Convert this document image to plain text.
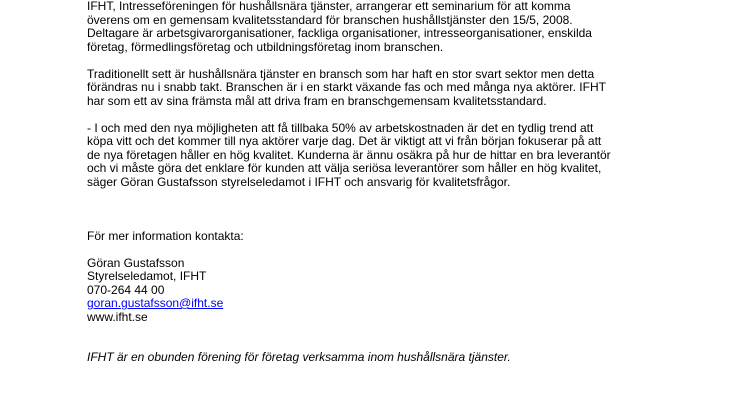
IFHT, Intresseföreningen för hushållsnära tjänster, arrangerar ett seminarium för att komma
överens om en gemensam kvalitetsstandard för branschen hushållstjänster den 15/5, 2008.
Deltagare är arbetsgivarorganisationer, fackliga organisationer, intresseorganisationer, enskilda
företag, förmedlingsföretag och utbildningsföretag inom branschen.
Traditionellt sett är hushållsnära tjänster en bransch som har haft en stor svart sektor men detta
förändras nu i snabb takt. Branschen är i en starkt växande fas och med många nya aktörer. IFHT
har som ett av sina främsta mål att driva fram en branschgemensam kvalitetsstandard.
- I och med den nya möjligheten att få tillbaka 50% av arbetskostnaden är det en tydlig trend att
köpa vitt och det kommer till nya aktörer varje dag. Det är viktigt att vi från början fokuserar på att
de nya företagen håller en hög kvalitet. Kunderna är ännu osäkra på hur de hittar en bra leverantör
och vi måste göra det enklare för kunden att välja seriösa leverantörer som håller en hög kvalitet,
säger Göran Gustafsson styrelseledamot i IFHT och ansvarig för kvalitetsfrågor.
För mer information kontakta:
Göran Gustafsson
Styrelseledamot, IFHT
070-264 44 00
goran.gustafsson@ifht.se
www.ifht.se
IFHT är en obunden förening för företag verksamma inom hushållsnära tjänster.
